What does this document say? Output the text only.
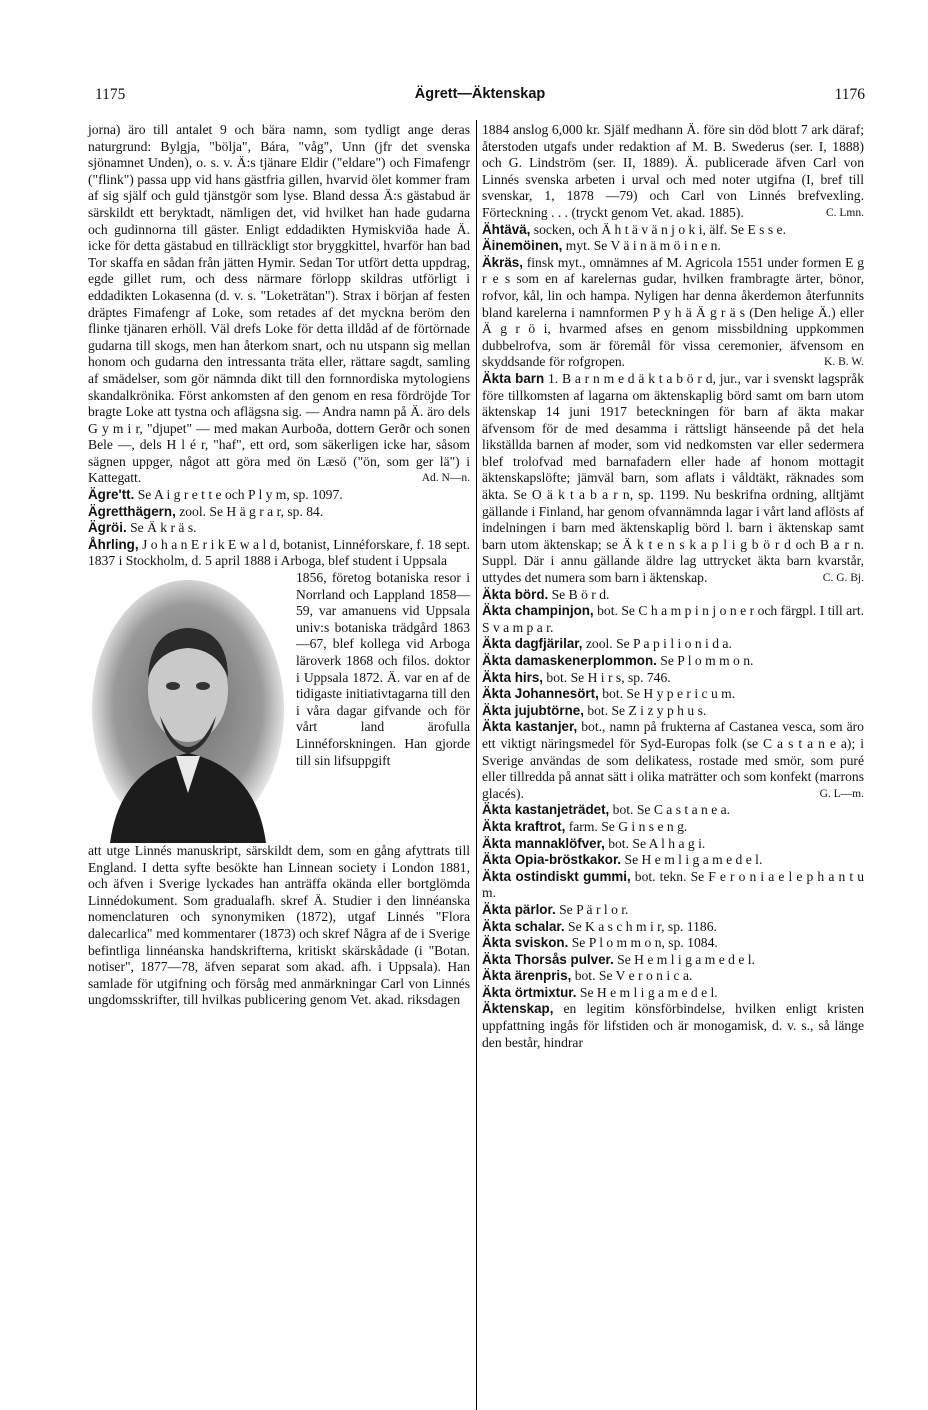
1175	Ägrett—Äktenskap	1176

jorna) äro till antalet 9 och bära namn, som tydligt ange deras naturgrund: Bylgja, "bölja", Bára, "våg", Unn (jfr det svenska sjönamnet Unden), o. s. v. Ä:s tjänare Eldir ("eldare") och Fimafengr ("flink") passa upp vid hans gästfria gillen, hvarvid ölet kommer fram af sig själf och guld tjänstgör som lyse. Bland dessa Ä:s gästabud är särskildt ett beryktadt, nämligen det, vid hvilket han hade gudarna och gudinnorna till gäster. Enligt eddadikten Hymiskviða hade Ä. icke för detta gästabud en tillräckligt stor bryggkittel, hvarför han bad Tor skaffa en sådan från jätten Hymir. Sedan Tor utfört detta uppdrag, egde gillet rum, och dess närmare förlopp skildras utförligt i eddadikten Lokasenna (d. v. s. "Loketrätan"). Strax i början af festen dräptes Fimafengr af Loke, som retades af det myckna beröm den flinke tjänaren erhöll. Väl drefs Loke för detta illdåd af de förtörnade gudarna till skogs, men han återkom snart, och nu utspann sig mellan honom och gudarna den intressanta träta eller, rättare sagdt, samling af smädelser, som gör nämnda dikt till den fornnordiska mytologiens skandalkrönika. Först ankomsten af den genom en resa fördröjde Tor bragte Loke att tystna och aflägsna sig. — Andra namn på Ä. äro dels G y m i r, "djupet" — med makan Aurboða, dottern Gerðr och sonen Bele —, dels H l é r, "haf", ett ord, som säkerligen icke har, såsom sägnen uppger, något att göra med ön Læsö ("ön, som ger lä") i Kattegatt.	Ad. N—n.

Ägre'tt. Se A i g r e t t e och P l y m, sp. 1097.

Ägretthägern, zool. Se H ä g r a r, sp. 84.

Ägröi. Se Ä k r ä s.

Åhrling, J o h a n E r i k E w a l d, botanist, Linnéforskare, f. 18 sept. 1837 i Stockholm, d. 5 april 1888 i Arboga, blef student i Uppsala

1856, företog botaniska resor i Norrland och Lappland 1858—59, var amanuens vid Uppsala univ:s botaniska trädgård 1863—67, blef kollega vid Arboga läroverk 1868 och filos. doktor i Uppsala 1872. Ä. var en af de tidigaste initiativtagarna till den i våra dagar gifvande och för vårt land ärofulla Linnéforskningen. Han gjorde till sin lifsuppgift

att utge Linnés manuskript, särskildt dem, som en gång afyttrats till England. I detta syfte besökte han Linnean society i London 1881, och äfven i Sverige lyckades han anträffa okända eller bortglömda Linnédokument. Som gradualafh. skref Ä. Studier i den linnéanska nomenclaturen och synonymiken (1872), utgaf Linnés "Flora dalecarlica" med kommentarer (1873) och skref Några af de i Sverige befintliga linnéanska handskrifterna, kritiskt skärskådade (i "Botan. notiser", 1877—78, äfven separat som akad. afh. i Uppsala). Han samlade för utgifning och försåg med anmärkningar Carl von Linnés ungdomsskrifter, till hvilkas publicering genom Vet. akad. riksdagen

1884 anslog 6,000 kr. Själf medhann Ä. före sin död blott 7 ark däraf; återstoden utgafs under redaktion af M. B. Swederus (ser. I, 1888) och G. Lindström (ser. II, 1889). Ä. publicerade äfven Carl von Linnés svenska arbeten i urval och med noter utgifna (I, bref till svenskar, 1, 1878 —79) och Carl von Linnés brefvexling. Förteckning . . . (tryckt genom Vet. akad. 1885).	C. Lmn.

Ähtävä, socken, och Ä h t ä v ä n j o k i, älf. Se E s s e.

Äinemöinen, myt. Se V ä i n ä m ö i n e n.

Äkräs, finsk myt., omnämnes af M. Agricola 1551 under formen E g r e s som en af karelernas gudar, hvilken frambragte ärter, bönor, rofvor, kål, lin och hampa. Nyligen har denna åkerdemon återfunnits bland karelerna i namnformen P y h ä Ä g r ä s (Den helige Ä.) eller Ä g r ö i, hvarmed afses en genom missbildning uppkommen dubbelrofva, som är föremål för vissa ceremonier, äfvensom en skyddsande för rofgropen.	K. B. W.

Äkta barn 1. B a r n m e d ä k t a b ö r d, jur., var i svenskt lagspråk före tillkomsten af lagarna om äktenskaplig börd samt om barn utom äktenskap 14 juni 1917 beteckningen för barn af äkta makar äfvensom för de med desamma i rättsligt hänseende på det hela likställda barnen af moder, som vid nedkomsten var eller sedermera blef trolofvad med barnafadern eller hade af honom mottagit äktenskapslöfte; jämväl barn, som aflats i våldtäkt, räknades som äkta. Se O ä k t a b a r n, sp. 1199. Nu beskrifna ordning, alltjämt gällande i Finland, har genom ofvannämnda lagar i vårt land aflösts af indelningen i barn med äktenskaplig börd l. barn i äktenskap samt barn utom äktenskap; se Ä k t e n s k a p l i g b ö r d och B a r n. Suppl. Där i annu gällande äldre lag uttrycket äkta barn kvarstår, uttydes det numera som barn i äktenskap.	C. G. Bj.

Äkta börd. Se B ö r d.

Äkta champinjon, bot. Se C h a m p i n j o n e r och färgpl. I till art. S v a m p a r.

Äkta dagfjärilar, zool. Se P a p i l i o n i d a.

Äkta damaskenerplommon. Se P l o m m o n.

Äkta hirs, bot. Se H i r s, sp. 746.

Äkta Johannesört, bot. Se H y p e r i c u m.

Äkta jujubtörne, bot. Se Z i z y p h u s.

Äkta kastanjer, bot., namn på frukterna af Castanea vesca, som äro ett viktigt näringsmedel för Syd-Europas folk (se C a s t a n e a); i Sverige användas de som delikatess, rostade med smör, som puré eller tillredda på annat sätt i olika maträtter och som konfekt (marrons glacés).	G. L—m.

Äkta kastanjeträdet, bot. Se C a s t a n e a.

Äkta kraftrot, farm. Se G i n s e n g.

Äkta mannaklöfver, bot. Se A l h a g i.

Äkta Opia-bröstkakor. Se H e m l i g a m e d e l.

Äkta ostindiskt gummi, bot. tekn. Se F e r o n i a e l e p h a n t u m.

Äkta pärlor. Se P ä r l o r.

Äkta schalar. Se K a s c h m i r, sp. 1186.

Äkta sviskon. Se P l o m m o n, sp. 1084.

Äkta Thorsås pulver. Se H e m l i g a m e d e l.

Äkta ärenpris, bot. Se V e r o n i c a.

Äkta örtmixtur. Se H e m l i g a m e d e l.

Äktenskap, en legitim könsförbindelse, hvilken enligt kristen uppfattning ingås för lifstiden och är monogamisk, d. v. s., så länge den består, hindrar
